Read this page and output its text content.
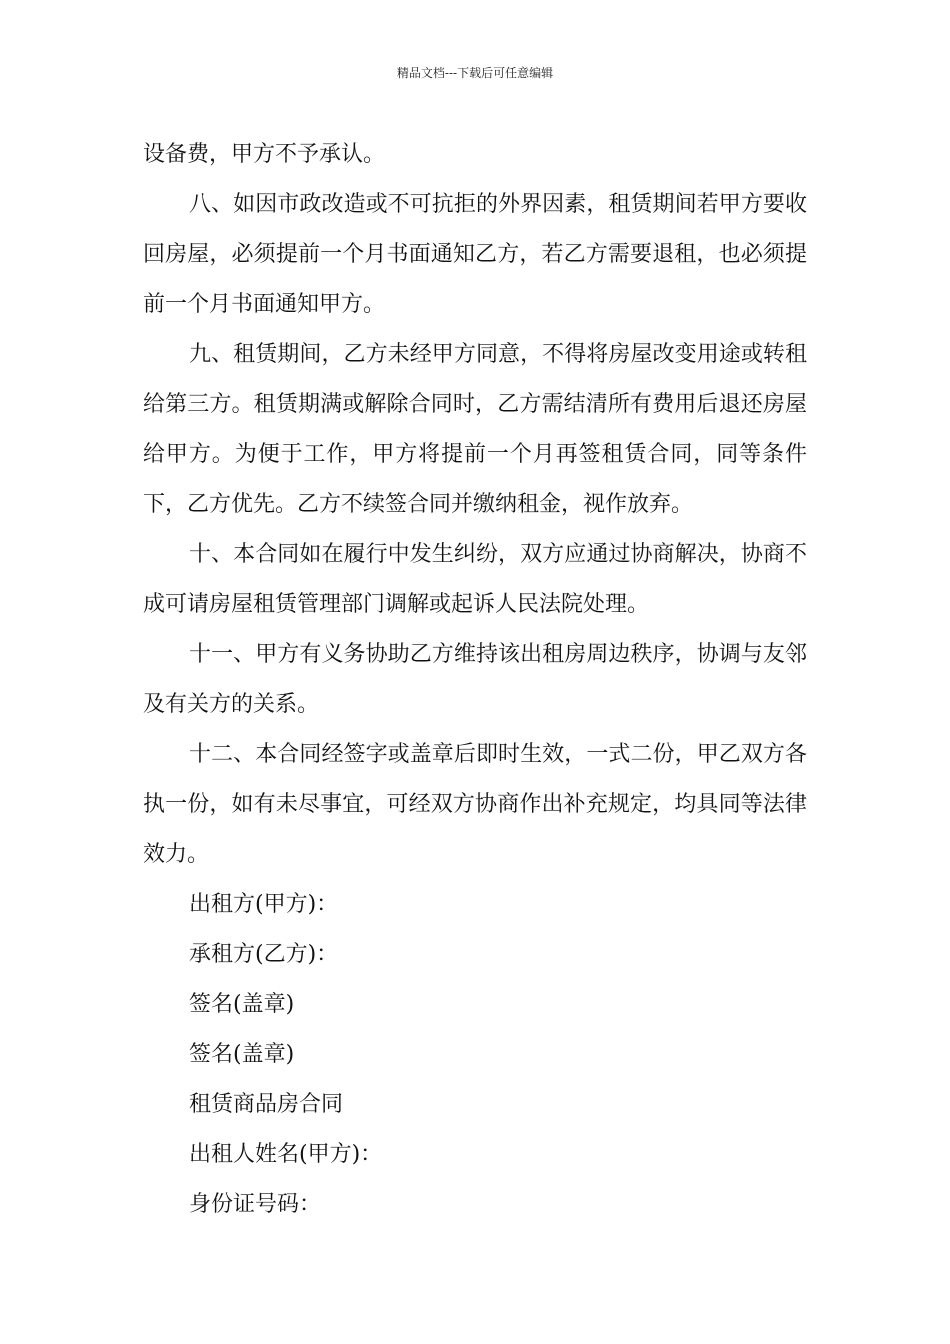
精品文档---下载后可任意编辑

设备费，甲方不予承认。

八、如因市政改造或不可抗拒的外界因素，租赁期间若甲方要收回房屋，必须提前一个月书面通知乙方，若乙方需要退租，也必须提前一个月书面通知甲方。

九、租赁期间，乙方未经甲方同意，不得将房屋改变用途或转租给第三方。租赁期满或解除合同时，乙方需结清所有费用后退还房屋给甲方。为便于工作，甲方将提前一个月再签租赁合同，同等条件下，乙方优先。乙方不续签合同并缴纳租金，视作放弃。

十、本合同如在履行中发生纠纷，双方应通过协商解决，协商不成可请房屋租赁管理部门调解或起诉人民法院处理。

十一、甲方有义务协助乙方维持该出租房周边秩序，协调与友邻及有关方的关系。

十二、本合同经签字或盖章后即时生效，一式二份，甲乙双方各执一份，如有未尽事宜，可经双方协商作出补充规定，均具同等法律效力。

出租方(甲方)：

承租方(乙方)：

签名(盖章)

签名(盖章)

租赁商品房合同

出租人姓名(甲方)：

身份证号码：
